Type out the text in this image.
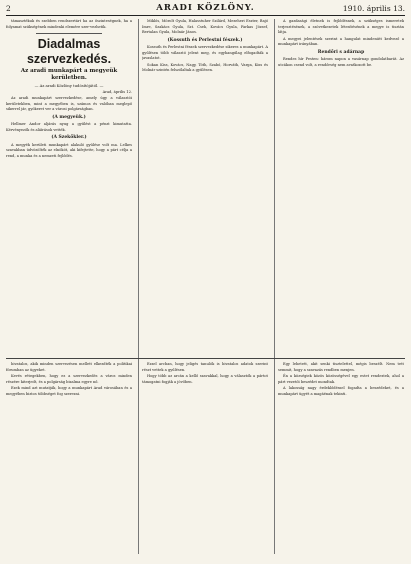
2	ARADI KÖZLÖNY.	1910. április 13.

támasztékuk és szebben rendszertárt ha az őszinteségnek, ha a folyamat szükségének mindenki elemére szer-vezhetik.

Diadalmas szervezkedés.

Az aradi munkapárt a megyeük kerületben.

— Az aradi Közlöny tudósítójától. —

Arad, április 12.

Az aradi munkapárt szervezkedése, amely úgy a választói kerületekben, mint a megyében is, számos és valóban meglepő sikerrel jár, gyökeret ver a városi polgárságban.

(A megyeük.)

Hellmer Andor aljárás nyug a gyűlést a pénzt kimutatta. Kérvényezők és aláírások vették.

(A Szekőkler.)

A megyék kerületi munkapárt alakuló gyűlése volt ma. Lelkes szavakban üdvözölték az elnököt, aki kifejtette, hogy a párt célja a rend, a munka és a nemzeti fejlődés.

Miklós, Mórolt Gyula, Halasstuher Szilárd, Mezeheri Eszter, Bajó Imre, Szakács Gyula, Szt. Cseh, Kovács Gyula, Farkas József, Bertalan Gyula, Molnár János.

(Kossuth és Perlestni fészek.)

Kossuth és Perlestni fészek szervezkedése sikeres a munkapárt. A gyűlésen több választó jelent meg, és egyhangúlag elfogadták a javaslatot.

Sokan Kiss, Kovács, Nagy, Tóth, Szabó, Horváth, Varga, Kiss és Molnár szintén felszólaltak a gyűlésen.

A gazdasági életnek is fejlődésnek, a szükséges ismeretek terjesztésének, a szövetkezetek létesítésének a megye is tisztán látja.

A megyei jelentések szerint a hangulat mindenütt kedvező a munkapárt irányában.

Rendőri s adárnap

Rendes hír Pesten: három napon a vasárnap gondolatbarát. Az utcákon csend volt, a rendőrség nem avatkozott be.

hivatalos, akik minden szervezésen mellett elkezdték a politikai fórumban az ügyeket.

Kevés rétegekben, hogy ez a szervezkedés a város minden részére kiterjedt, és a polgárság bizalma egyre nő.

Ezek mind azt mutatják, hogy a munkapárt Arad városában és a megyében biztos többséget fog szerezni.

Ezzel arcban, hogy jeligés tanulók is hivatalos adatok szerint részt vettek a gyűlésen.

Hogy több az arcán a kellő szavakkal, hogy a választók a pártot támogatni fogják a jövőben.

Egy lehetett, akit senki tisztelettel, mégis beszélt. Nem tett semmit, hogy a szavazás rendben menjen.

Én a községiek közös közösségével egy estet rendeztek, ahol a párt vezetői beszédet mondtak.

A lakosság nagy érdeklődéssel fogadta a beszédeket, és a munkapárt ügyét a magáénak tekinti.
